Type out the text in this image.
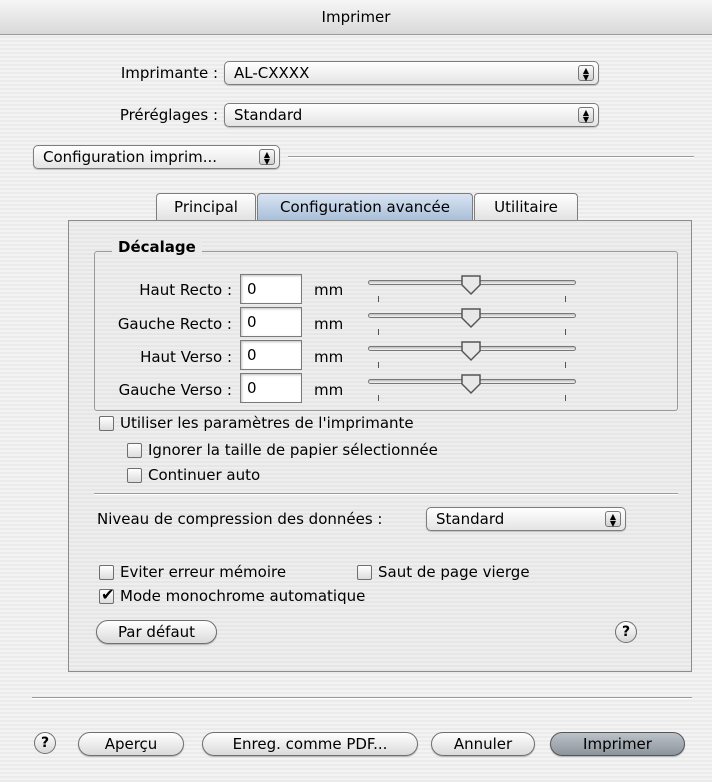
Imprimer
Imprimante :	AL-CXXXX	▲
▼
Préréglages :	Standard	▲
▼
Configuration imprim...	▲
▼
Principal	Configuration avancée	Utilitaire
Décalage
Haut Recto :	0	mm
Gauche Recto :	0	mm
Haut Verso :	0	mm
Gauche Verso :	0	mm
Utiliser les paramètres de l'imprimante
Ignorer la taille de papier sélectionnée
Continuer auto
Niveau de compression des données :	Standard	▲
▼
Eviter erreur mémoire	Saut de page vierge
✔ Mode monochrome automatique
Par défaut	?
?	Aperçu	Enreg. comme PDF...	Annuler	Imprimer
